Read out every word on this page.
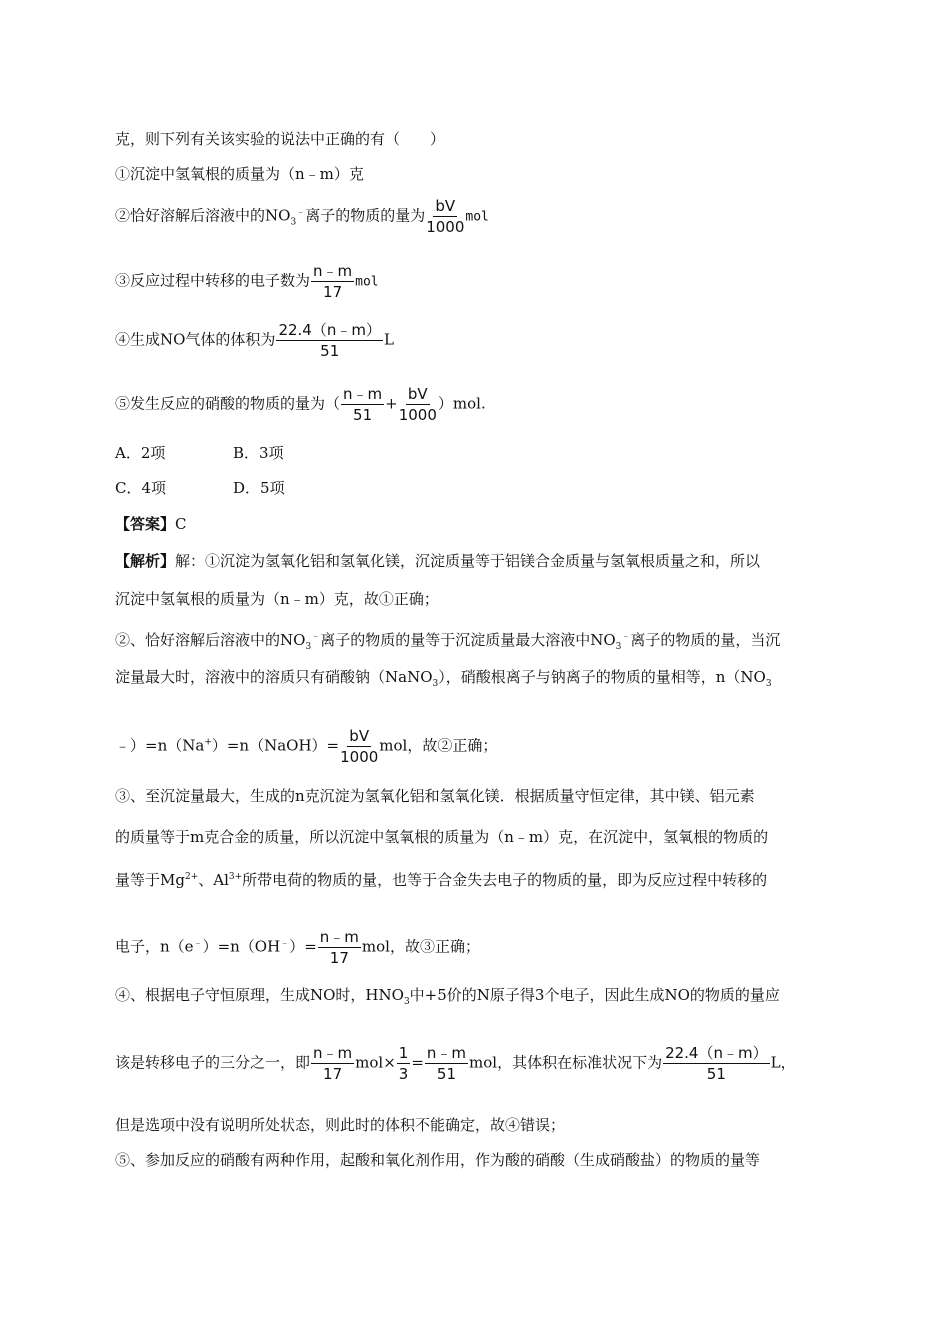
克，则下列有关该实验的说法中正确的有（　　）
①沉淀中氢氧根的质量为（n﹣m）克
②恰好溶解后溶液中的$NO_3^﹣$离子的物质的量为 $\frac{bV}{1000}$ mol
③反应过程中转移的电子数为 $\frac{n﹣m}{17}$ mol
④生成NO气体的体积为 $\frac{22.4(n﹣m)}{51}$ L
⑤发生反应的硝酸的物质的量为（ $\frac{n﹣m}{51} + \frac{bV}{1000} )mol$.
A．2项	B．3项
C．4项	D．5项
【答案】C
【解析】解：①沉淀为氢氧化铝和氢氧化镁，沉淀质量等于铝镁合金质量与氢氧根质量之和，所以
沉淀中氢氧根的质量为（n﹣m）克，故①正确；
②、恰好溶解后溶液中的$NO_3^﹣$离子的物质的量等于沉淀质量最大溶液中$NO_3^﹣$离子的物质的量，当沉
淀量最大时，溶液中的溶质只有硝酸钠（NaNO$_3$），硝酸根离子与钠离子的物质的量相等，$n(NO_3$
﹣）=n（Na+）=n（NaOH）= $\frac{bV}{1000}$ mol，故②正确；
③、至沉淀量最大，生成的n克沉淀为氢氧化铝和氢氧化镁．根据质量守恒定律，其中镁、铝元素
的质量等于m克合金的质量，所以沉淀中氢氧根的质量为（n﹣m）克，在沉淀中，氢氧根的物质的
量等于$Mg^{2+}$、$Al^{3+}$所带电荷的物质的量，也等于合金失去电子的物质的量，即为反应过程中转移的
电子，$n(e^﹣)=n(OH^﹣)= \frac{n﹣m}{17}$ mol，故③正确；
④、根据电子守恒原理，生成NO时，$HNO_3$中+5价的N原子得3个电子，因此生成NO的物质的量应
该是转移电子的三分之一，即 $\frac{n﹣m}{17} mol\times \frac{1}{3} = \frac{n﹣m}{51}$ mol，其体积在标准状况下为 $\frac{22.4(n﹣m)}{51}$ L，
但是选项中没有说明所处状态，则此时的体积不能确定，故④错误；
⑤、参加反应的硝酸有两种作用，起酸和氧化剂作用，作为酸的硝酸（生成硝酸盐）的物质的量等
